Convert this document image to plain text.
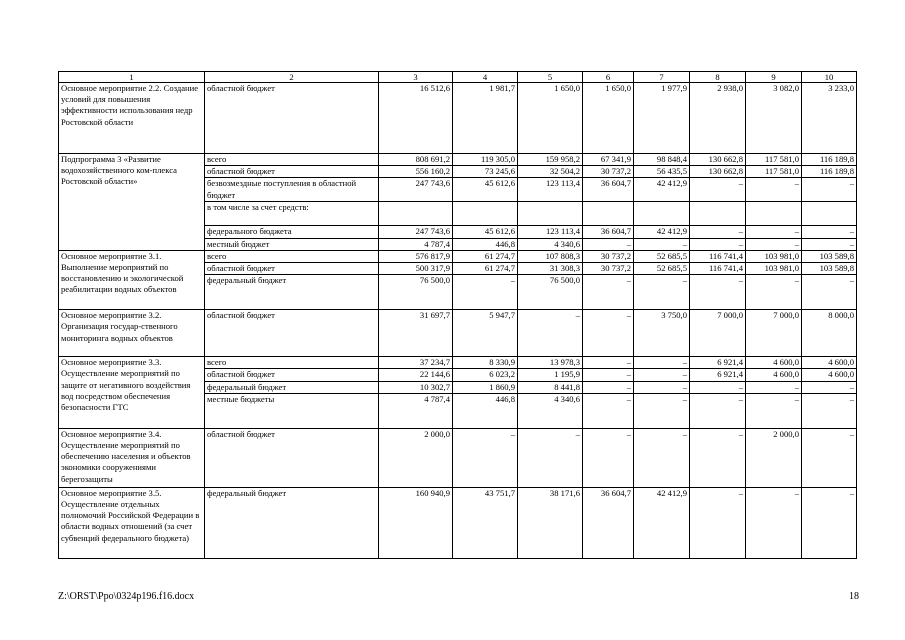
1	2	3	4	5	6	7	8	9	10
Основное мероприятие 2.2. Создание условий для повышения эффективности использования недр Ростовской области	областной бюджет	16 512,6	1 981,7	1 650,0	1 650,0	1 977,9	2 938,0	3 082,0	3 233,0
Подпрограмма 3 «Развитие водохозяйственного ком-плекса Ростовской области»	всего	808 691,2	119 305,0	159 958,2	67 341,9	98 848,4	130 662,8	117 581,0	116 189,8
	областной бюджет	556 160,2	73 245,6	32 504,2	30 737,2	56 435,5	130 662,8	117 581,0	116 189,8
	безвозмездные поступления в областной бюджет	247 743,6	45 612,6	123 113,4	36 604,7	42 412,9	–	–	–
	в том числе за счет средств:								
	федерального бюджета	247 743,6	45 612,6	123 113,4	36 604,7	42 412,9	–	–	–
	местный бюджет	4 787,4	446,8	4 340,6	–	–	–	–	–
Основное мероприятие 3.1. Выполнение мероприятий по восстановлению и экологической реабилитации водных объектов	всего	576 817,9	61 274,7	107 808,3	30 737,2	52 685,5	116 741,4	103 981,0	103 589,8
	областной бюджет	500 317,9	61 274,7	31 308,3	30 737,2	52 685,5	116 741,4	103 981,0	103 589,8
	федеральный бюджет	76 500,0	–	76 500,0	–	–	–	–	–
Основное мероприятие 3.2. Организация государ-ственного мониторинга водных объектов	областной бюджет	31 697,7	5 947,7	–	–	3 750,0	7 000,0	7 000,0	8 000,0
Основное мероприятие 3.3. Осуществление мероприятий по защите от негативного воздействия вод посредством обеспечения безопасности ГТС	всего	37 234,7	8 330,9	13 978,3	–	–	6 921,4	4 600,0	4 600,0
	областной бюджет	22 144,6	6 023,2	1 195,9	–	–	6 921,4	4 600,0	4 600,0
	федеральный бюджет	10 302,7	1 860,9	8 441,8	–	–	–	–	–
	местные бюджеты	4 787,4	446,8	4 340,6	–	–	–	–	–
Основное мероприятие 3.4. Осуществление мероприятий по обеспечению населения и объектов экономики сооружениями берегозащиты	областной бюджет	2 000,0	–	–	–	–	–	2 000,0	–
Основное мероприятие 3.5. Осуществление отдельных полномочий Российской Федерации в области водных отношений (за счет субвенций федерального бюджета)	федеральный бюджет	160 940,9	43 751,7	38 171,6	36 604,7	42 412,9	–	–	–
Z:\ORST\Ppo\0324p196.f16.docx	18
